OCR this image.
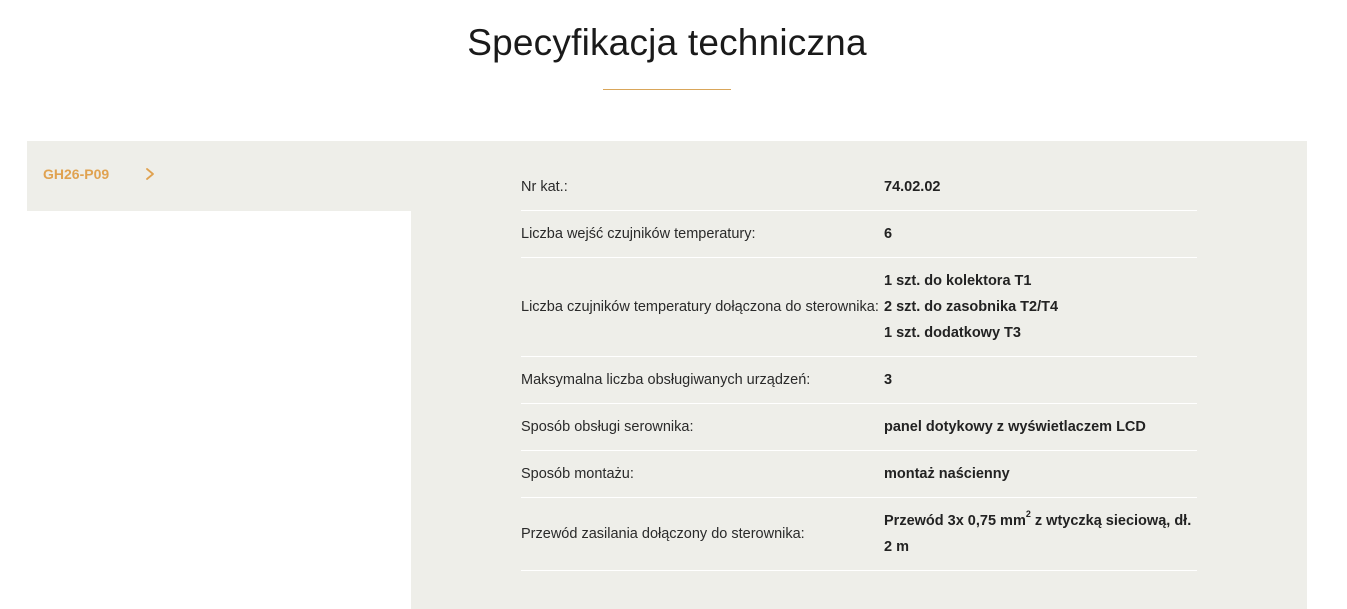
Specyfikacja techniczna
GH26-P09
Nr kat.:	74.02.02
Liczba wejść czujników temperatury:	6
Liczba czujników temperatury dołączona do sterownika:
1 szt. do kolektora T1
2 szt. do zasobnika T2/T4
1 szt. dodatkowy T3
Maksymalna liczba obsługiwanych urządzeń:	3
Sposób obsługi serownika:	panel dotykowy z wyświetlaczem LCD
Sposób montażu:	montaż naścienny
Przewód zasilania dołączony do sterownika:
Przewód 3x 0,75 $mm^2$ z wtyczką sieciową, dł. 2 m
